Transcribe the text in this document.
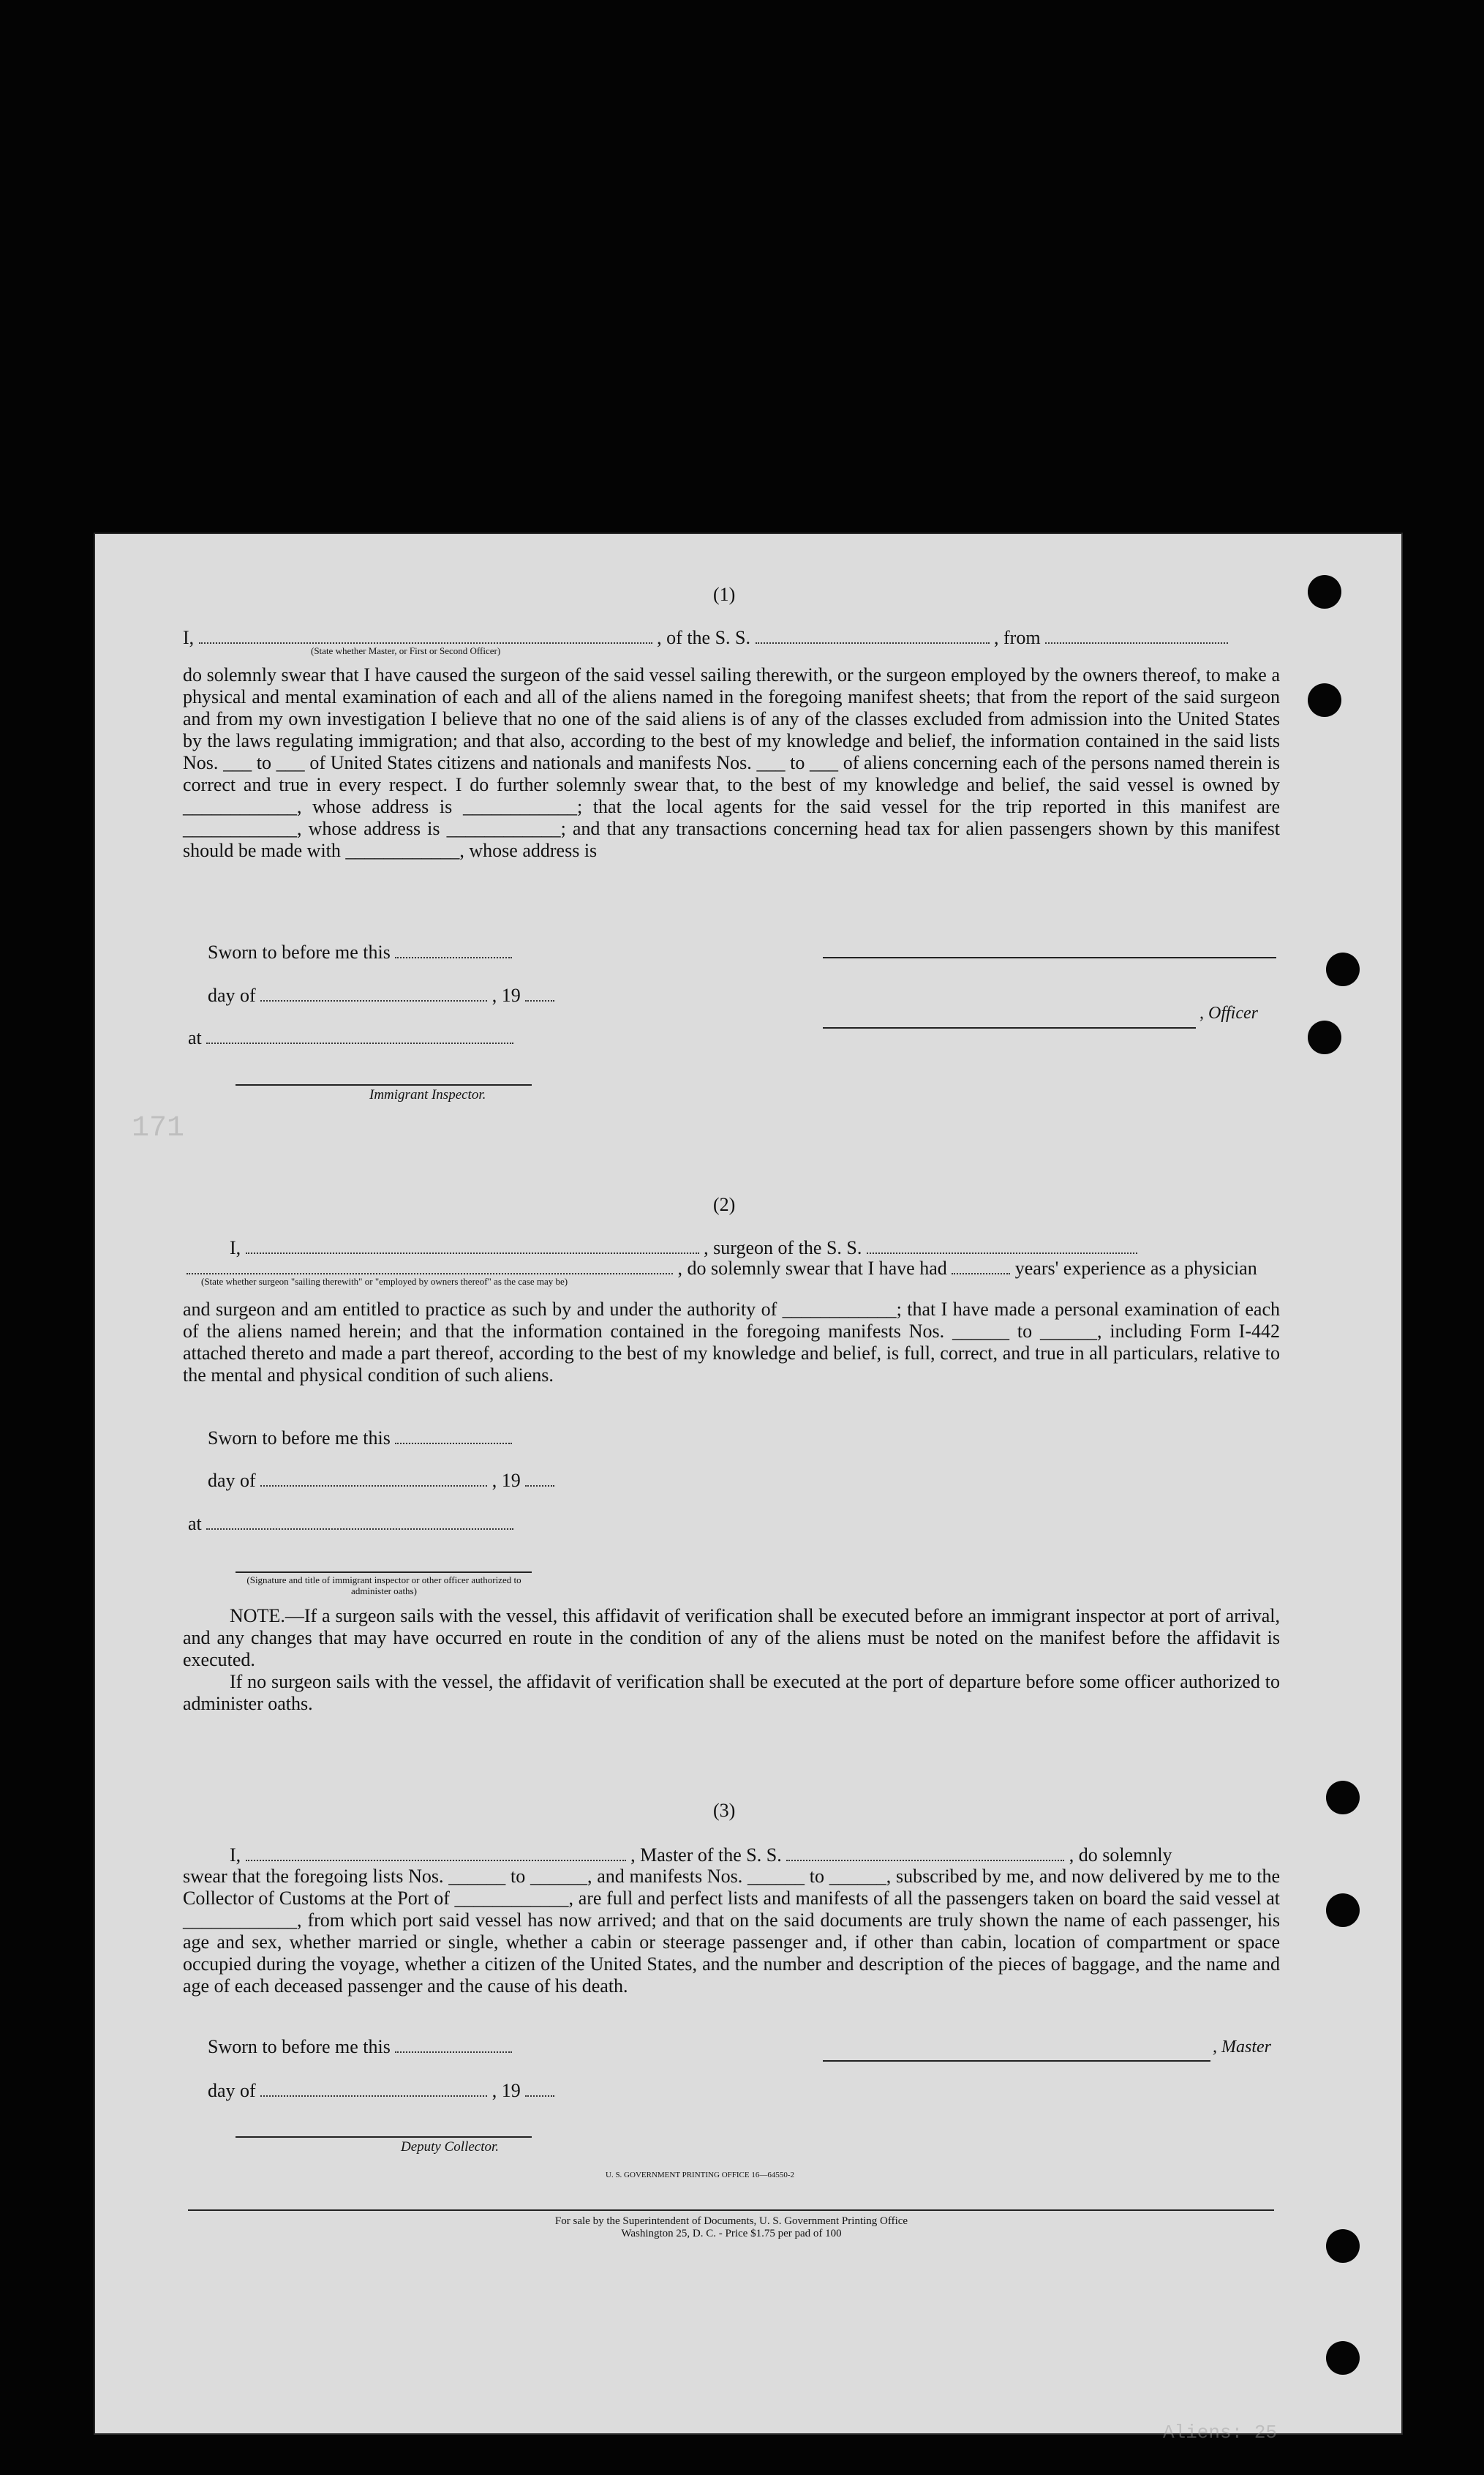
Aliens: 25
171
(1)
I,	, of the S. S.	, from
(State whether Master, or First or Second Officer)

do solemnly swear that I have caused the surgeon of the said vessel sailing therewith, or the surgeon employed by the owners thereof, to make a physical and mental examination of each and all of the aliens named in the foregoing manifest sheets; that from the report of the said surgeon and from my own investigation I believe that no one of the said aliens is of any of the classes excluded from admission into the United States by the laws regulating immigration; and that also, according to the best of my knowledge and belief, the information contained in the said lists Nos. ___ to ___ of United States citizens and nationals and manifests Nos. ___ to ___ of aliens concerning each of the persons named therein is correct and true in every respect. I do further solemnly swear that, to the best of my knowledge and belief, the said vessel is owned by ____________, whose address is ____________; that the local agents for the said vessel for the trip reported in this manifest are ____________, whose address is ____________; and that any transactions concerning head tax for alien passengers shown by this manifest should be made with ____________, whose address is

Sworn to before me this
day of	, 19
, Officer
at
Immigrant Inspector.
(2)
I,	, surgeon of the S. S.
, do solemnly swear that I have had	years' experience as a physician
(State whether surgeon "sailing therewith" or "employed by owners thereof" as the case may be)

and surgeon and am entitled to practice as such by and under the authority of ____________; that I have made a personal examination of each of the aliens named herein; and that the information contained in the foregoing manifests Nos. ______ to ______, including Form I-442 attached thereto and made a part thereof, according to the best of my knowledge and belief, is full, correct, and true in all particulars, relative to the mental and physical condition of such aliens.

Sworn to before me this
day of	, 19
at
(Signature and title of immigrant inspector or other officer authorized to administer oaths)

NOTE.—If a surgeon sails with the vessel, this affidavit of verification shall be executed before an immigrant inspector at port of arrival, and any changes that may have occurred en route in the condition of any of the aliens must be noted on the manifest before the affidavit is executed.

If no surgeon sails with the vessel, the affidavit of verification shall be executed at the port of departure before some officer authorized to administer oaths.

(3)
I,	, Master of the S. S.	, do solemnly

swear that the foregoing lists Nos. ______ to ______, and manifests Nos. ______ to ______, subscribed by me, and now delivered by me to the Collector of Customs at the Port of ____________, are full and perfect lists and manifests of all the passengers taken on board the said vessel at ____________, from which port said vessel has now arrived; and that on the said documents are truly shown the name of each passenger, his age and sex, whether married or single, whether a cabin or steerage passenger and, if other than cabin, location of compartment or space occupied during the voyage, whether a citizen of the United States, and the number and description of the pieces of baggage, and the name and age of each deceased passenger and the cause of his death.

Sworn to before me this	, Master
day of	, 19
Deputy Collector.
U. S. GOVERNMENT PRINTING OFFICE 16—64550-2
For sale by the Superintendent of Documents, U. S. Government Printing Office
Washington 25, D. C. - Price $1.75 per pad of 100
